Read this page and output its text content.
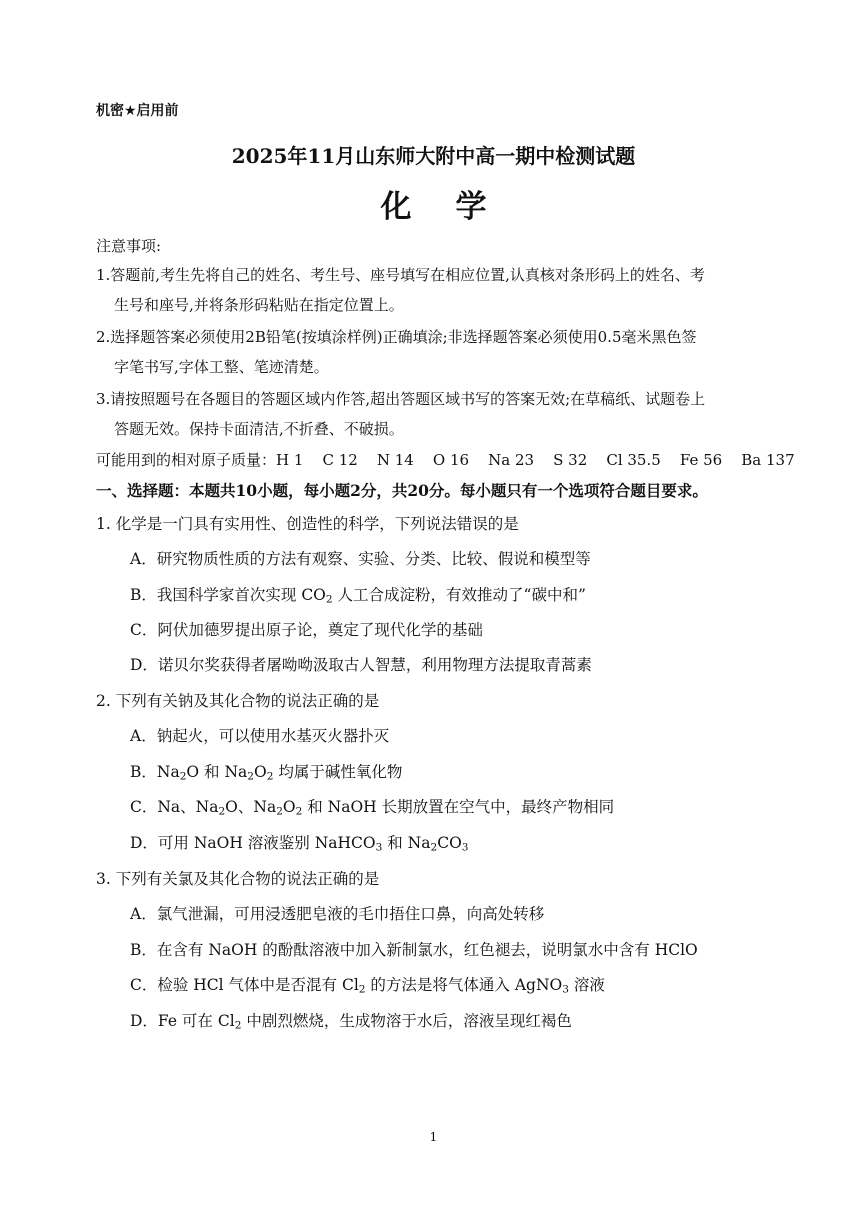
机密★启用前
2025年11月山东师大附中高一期中检测试题
化 学
注意事项:
1.答题前,考生先将自己的姓名、考生号、座号填写在相应位置,认真核对条形码上的姓名、考
生号和座号,并将条形码粘贴在指定位置上。
2.选择题答案必须使用2B铅笔(按填涂样例)正确填涂;非选择题答案必须使用0.5毫米黑色签
字笔书写,字体工整、笔迹清楚。
3.请按照题号在各题目的答题区域内作答,超出答题区域书写的答案无效;在草稿纸、试题卷上
答题无效。保持卡面清洁,不折叠、不破损。
可能用到的相对原子质量：H 1    C 12    N 14    O 16    Na 23    S 32    Cl 35.5    Fe 56    Ba 137
一、选择题：本题共10小题，每小题2分，共20分。每小题只有一个选项符合题目要求。
1. 化学是一门具有实用性、创造性的科学，下列说法错误的是
A．研究物质性质的方法有观察、实验、分类、比较、假说和模型等
B．我国科学家首次实现 $CO_2$ 人工合成淀粉，有效推动了“碳中和”
C．阿伏加德罗提出原子论，奠定了现代化学的基础
D．诺贝尔奖获得者屠呦呦汲取古人智慧，利用物理方法提取青蒿素
2. 下列有关钠及其化合物的说法正确的是
A．钠起火，可以使用水基灭火器扑灭
B．$Na_2O$ 和 $Na_2O_2$ 均属于碱性氧化物
C．Na、$Na_2O$、$Na_2O_2$ 和 NaOH 长期放置在空气中，最终产物相同
D．可用 NaOH 溶液鉴别 NaHCO$_3$ 和 $Na_2CO_3$
3. 下列有关氯及其化合物的说法正确的是
A．氯气泄漏，可用浸透肥皂液的毛巾捂住口鼻，向高处转移
B．在含有 NaOH 的酚酞溶液中加入新制氯水，红色褪去，说明氯水中含有 HClO
C．检验 HCl 气体中是否混有 $Cl_2$ 的方法是将气体通入 AgNO$_3$ 溶液
D．Fe 可在 $Cl_2$ 中剧烈燃烧，生成物溶于水后，溶液呈现红褐色
1
